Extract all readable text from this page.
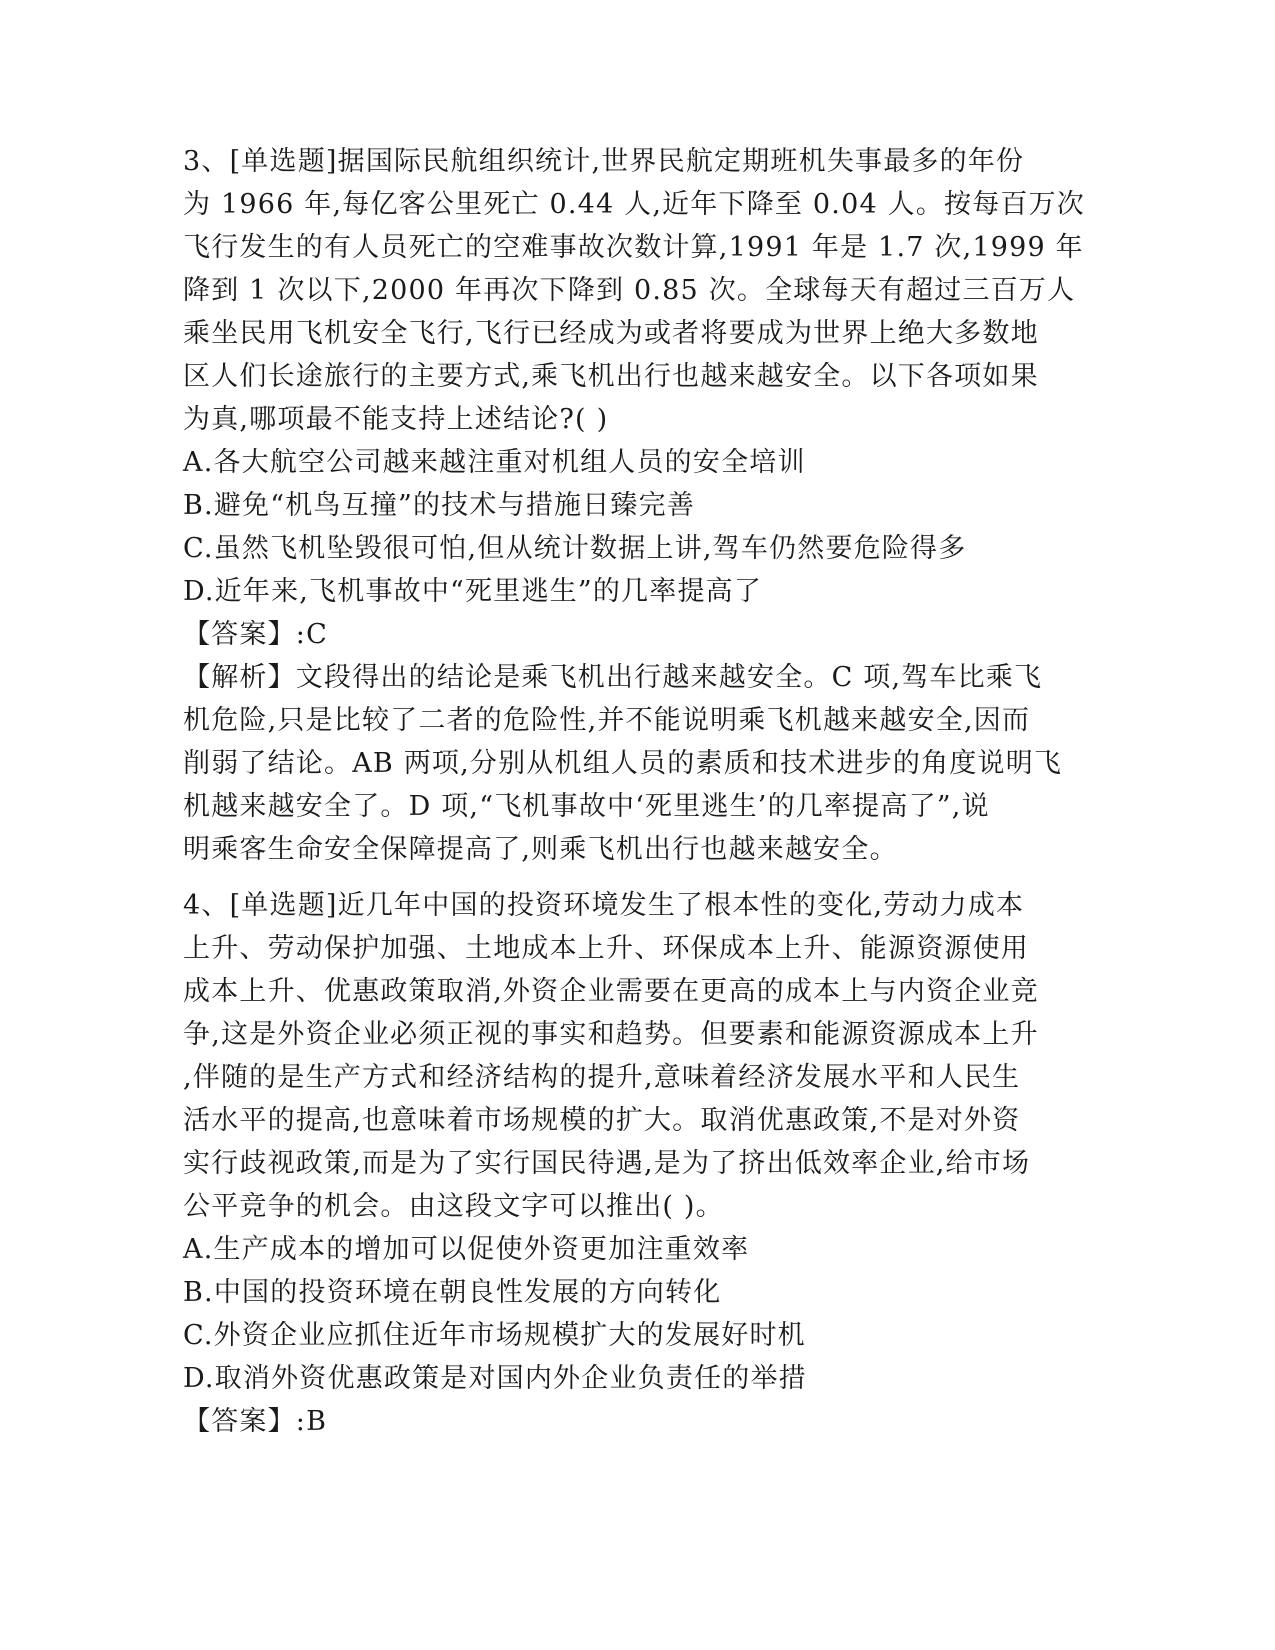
3、[单选题]据国际民航组织统计,世界民航定期班机失事最多的年份
为 1966 年,每亿客公里死亡 0.44 人,近年下降至 0.04 人。按每百万次
飞行发生的有人员死亡的空难事故次数计算,1991 年是 1.7 次,1999 年
降到 1 次以下,2000 年再次下降到 0.85 次。全球每天有超过三百万人
乘坐民用飞机安全飞行,飞行已经成为或者将要成为世界上绝大多数地
区人们长途旅行的主要方式,乘飞机出行也越来越安全。以下各项如果
为真,哪项最不能支持上述结论?( )
A.各大航空公司越来越注重对机组人员的安全培训
B.避免“机鸟互撞”的技术与措施日臻完善
C.虽然飞机坠毁很可怕,但从统计数据上讲,驾车仍然要危险得多
D.近年来,飞机事故中“死里逃生”的几率提高了
【答案】:C
【解析】文段得出的结论是乘飞机出行越来越安全。C 项,驾车比乘飞
机危险,只是比较了二者的危险性,并不能说明乘飞机越来越安全,因而
削弱了结论。AB 两项,分别从机组人员的素质和技术进步的角度说明飞
机越来越安全了。D 项,“飞机事故中‘死里逃生’的几率提高了”,说
明乘客生命安全保障提高了,则乘飞机出行也越来越安全。
4、[单选题]近几年中国的投资环境发生了根本性的变化,劳动力成本
上升、劳动保护加强、土地成本上升、环保成本上升、能源资源使用
成本上升、优惠政策取消,外资企业需要在更高的成本上与内资企业竞
争,这是外资企业必须正视的事实和趋势。但要素和能源资源成本上升
,伴随的是生产方式和经济结构的提升,意味着经济发展水平和人民生
活水平的提高,也意味着市场规模的扩大。取消优惠政策,不是对外资
实行歧视政策,而是为了实行国民待遇,是为了挤出低效率企业,给市场
公平竞争的机会。由这段文字可以推出( )。
A.生产成本的增加可以促使外资更加注重效率
B.中国的投资环境在朝良性发展的方向转化
C.外资企业应抓住近年市场规模扩大的发展好时机
D.取消外资优惠政策是对国内外企业负责任的举措
【答案】:B
